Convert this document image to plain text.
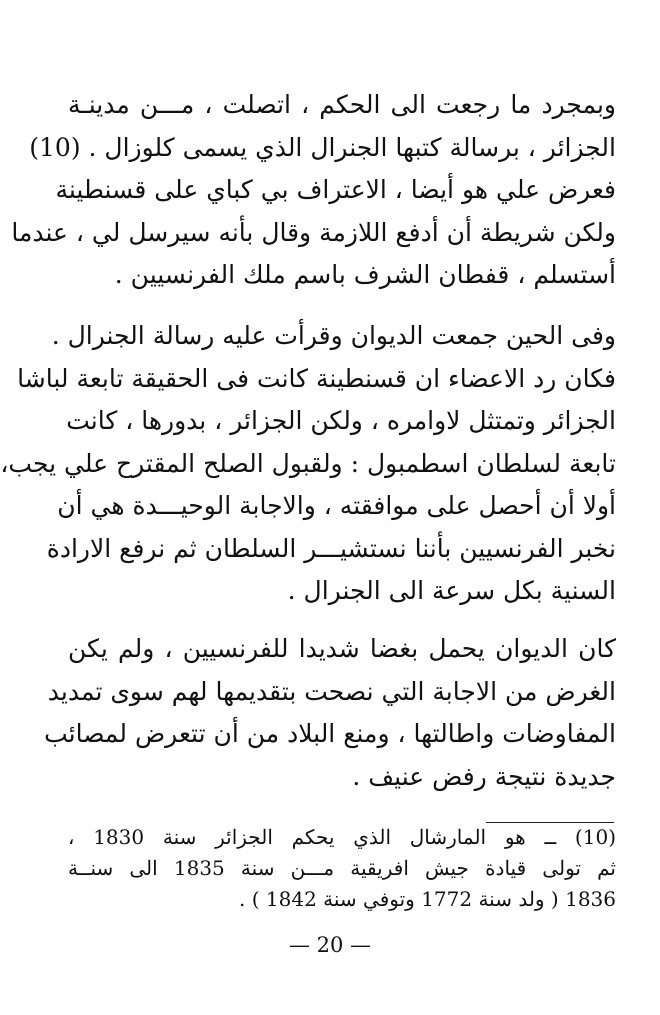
وبمجرد ما رجعت الى الحكم ، اتصلت ، مـــن مدينـة
الجزائر ، برسالة كتبها الجنرال الذي يسمى كلوزال . (10)
فعرض علي هو أيضا ، الاعتراف بي كباي على قسنطينة
ولكن شريطة أن أدفع اللازمة وقال بأنه سيرسل لي ، عندما
أستسلم ، قفطان الشرف باسم ملك الفرنسيين .
وفى الحين جمعت الديوان وقرأت عليه رسالة الجنرال .
فكان رد الاعضاء ان قسنطينة كانت فى الحقيقة تابعة لباشا
الجزائر وتمتثل لاوامره ، ولكن الجزائر ، بدورها ، كانت
تابعة لسلطان اسطمبول : ولقبول الصلح المقترح علي يجب،
أولا أن أحصل على موافقته ، والاجابة الوحيـــدة هي أن
نخبر الفرنسيين بأننا نستشيـــر السلطان ثم نرفع الارادة
السنية بكل سرعة الى الجنرال .
كان الديوان يحمل بغضا شديدا للفرنسيين ، ولم يكن
الغرض من الاجابة التي نصحت بتقديمها لهم سوى تمديد
المفاوضات واطالتها ، ومنع البلاد من أن تتعرض لمصائب
جديدة نتيجة رفض عنيف .
(10) ــ هو المارشال الذي يحكم الجزائر سنة 1830 ،
ثم تولى قيادة جيش افريقية مـــن سنة 1835 الى سنــة
1836 ( ولد سنة 1772 وتوفي سنة 1842 ) .
— 20 —
